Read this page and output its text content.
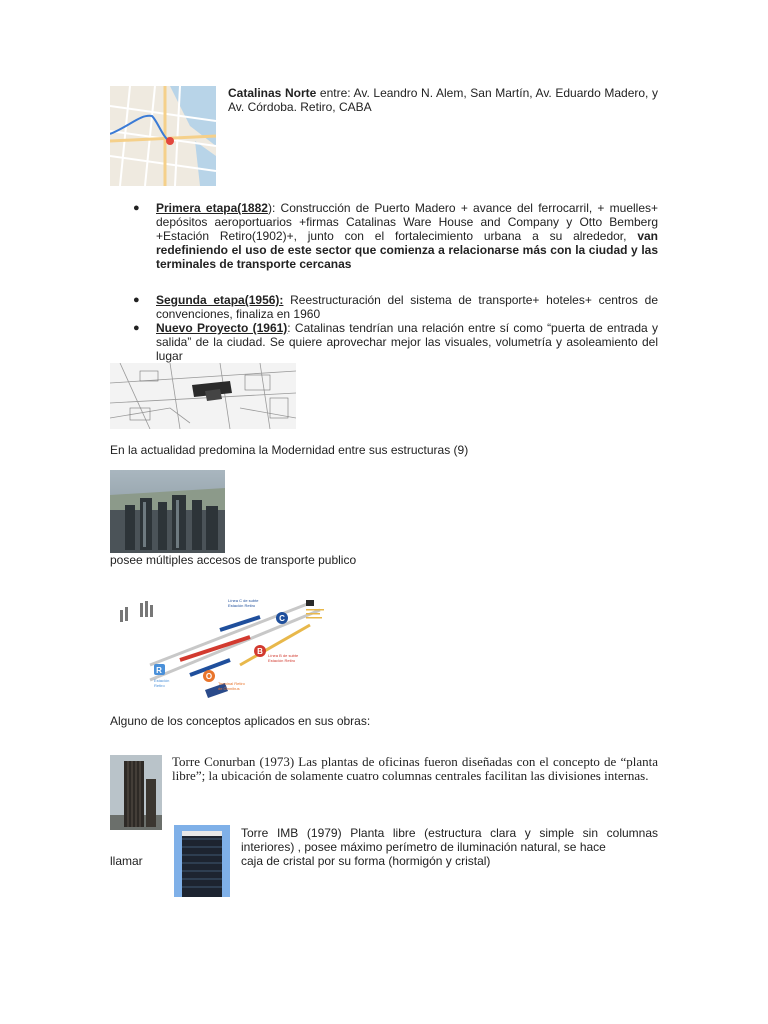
Catalinas Norte entre: Av. Leandro N. Alem, San Martín, Av. Eduardo Madero, y Av. Córdoba. Retiro, CABA
● Primera etapa(1882): Construcción de Puerto Madero + avance del ferrocarril, + muelles+ depósitos aeroportuarios +firmas Catalinas Ware House and Company y Otto Bemberg +Estación Retiro(1902)+, junto con el fortalecimiento urbana a su alrededor, van redefiniendo el uso de este sector que comienza a relacionarse más con la ciudad y las terminales de transporte cercanas
● Segunda etapa(1956): Reestructuración del sistema de transporte+ hoteles+ centros de convenciones, finaliza en 1960
● Nuevo Proyecto (1961): Catalinas tendrían una relación entre sí como “puerta de entrada y salida” de la ciudad. Se quiere aprovechar mejor las visuales, volumetría y asoleamiento del lugar
En la actualidad predomina la Modernidad entre sus estructuras (9)
posee múltiples accesos de transporte publico
C
Línea C de subte
Estación Retiro
B Línea B de subte
Estación Retiro
R
Estación
Retiro
O
Terminal Retiro
de Ómnibus
Alguno de los conceptos aplicados en sus obras:
Torre Conurban (1973) Las plantas de oficinas fueron diseñadas con el concepto de “planta libre”; la ubicación de solamente cuatro columnas centrales facilitan las divisiones internas.
Torre IMB (1979) Planta libre (estructura clara y simple sin columnas interiores) , posee máximo perímetro de iluminación natural, se hace
llamar	caja de cristal por su forma (hormigón y cristal)
